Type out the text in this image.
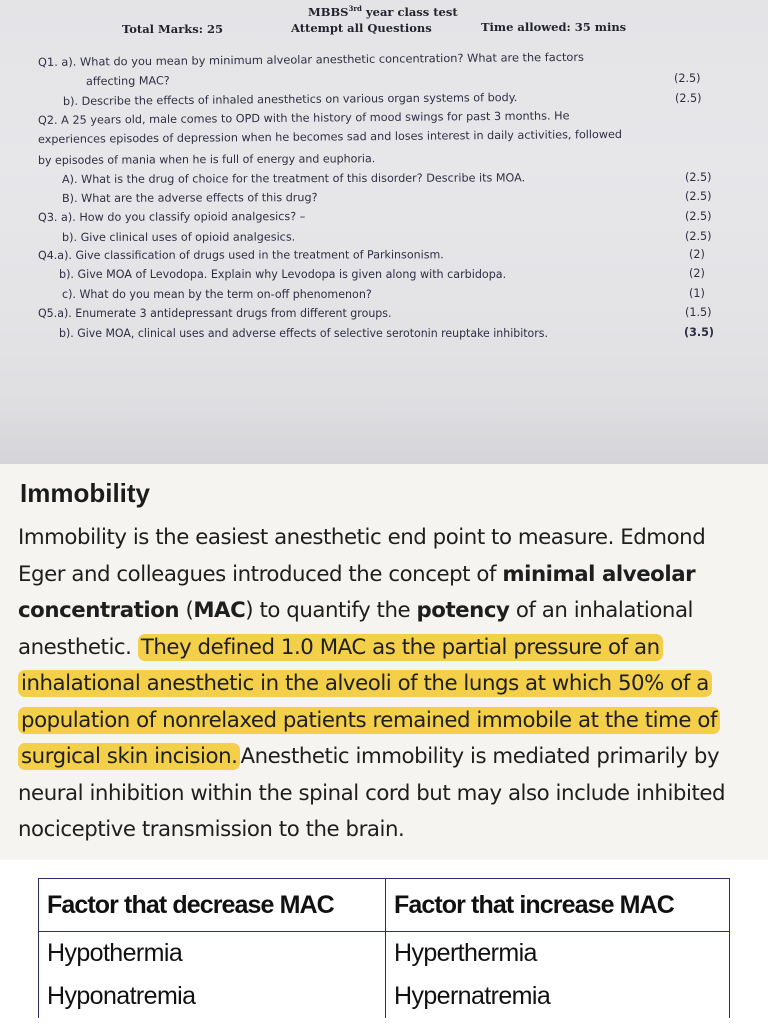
$MBBS^{3rd}$ year class test
Total Marks: 25	Attempt all Questions	Time allowed: 35 mins
Q1. a). What do you mean by minimum alveolar anesthetic concentration? What are the factors
affecting MAC?	(2.5)
b). Describe the effects of inhaled anesthetics on various organ systems of body.	(2.5)
Q2. A 25 years old, male comes to OPD with the history of mood swings for past 3 months. He
experiences episodes of depression when he becomes sad and loses interest in daily activities, followed
by episodes of mania when he is full of energy and euphoria.
A). What is the drug of choice for the treatment of this disorder? Describe its MOA.	(2.5)
B). What are the adverse effects of this drug?	(2.5)
Q3. a). How do you classify opioid analgesics? –	(2.5)
b). Give clinical uses of opioid analgesics.	(2.5)
Q4.a). Give classification of drugs used in the treatment of Parkinsonism.	(2)
b). Give MOA of Levodopa. Explain why Levodopa is given along with carbidopa.	(2)
c). What do you mean by the term on-off phenomenon?	(1)
Q5.a). Enumerate 3 antidepressant drugs from different groups.	(1.5)
b). Give MOA, clinical uses and adverse effects of selective serotonin reuptake inhibitors.	(3.5)
Immobility

Immobility is the easiest anesthetic end point to measure. Edmond Eger and colleagues introduced the concept of minimal alveolar concentration (MAC) to quantify the potency of an inhalational anesthetic. They defined 1.0 MAC as the partial pressure of an inhalational anesthetic in the alveoli of the lungs at which 50% of a population of nonrelaxed patients remained immobile at the time of surgical skin incision. Anesthetic immobility is mediated primarily by neural inhibition within the spinal cord but may also include inhibited nociceptive transmission to the brain.

Factor that decrease MAC	Factor that increase MAC
Hypothermia	Hyperthermia
Hyponatremia	Hypernatremia
